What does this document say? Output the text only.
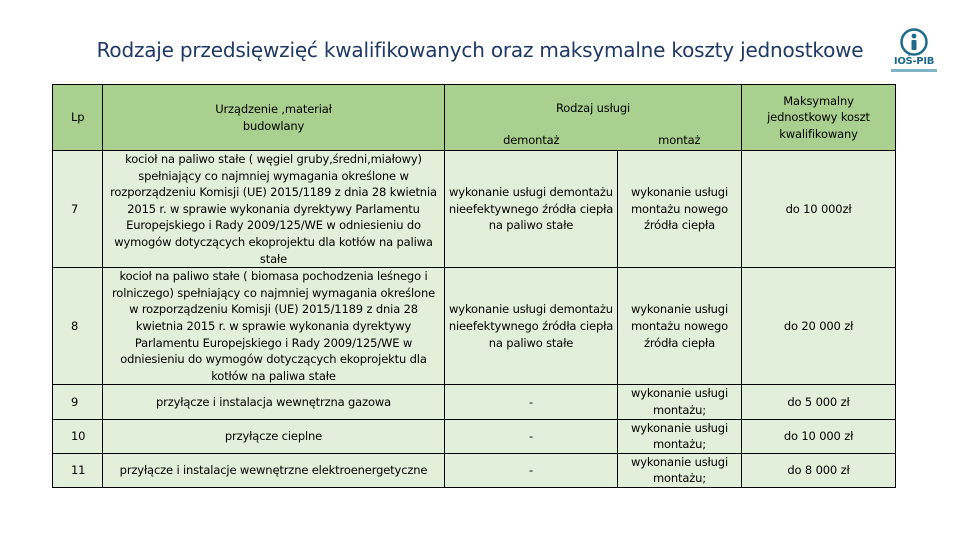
Rodzaje przedsięwzięć kwalifikowanych oraz maksymalne koszty jednostkowe	IOŚ-PIB
Lp	Urządzenie ,materiał budowlany	Rodzaj usługi		Maksymalny jednostkowy koszt kwalifikowany
		demontaż	montaż	
7	kocioł na paliwo stałe ( węgiel gruby,średni,miałowy) spełniający co najmniej wymagania określone w rozporządzeniu Komisji (UE) 2015/1189 z dnia 28 kwietnia 2015 r. w sprawie wykonania dyrektywy Parlamentu Europejskiego i Rady 2009/125/WE w odniesieniu do wymogów dotyczących ekoprojektu dla kotłów na paliwa stałe	wykonanie usługi demontażu nieefektywnego źródła ciepła na paliwo stałe	wykonanie usługi montażu nowego źródła ciepła	do 10 000zł
8	kocioł na paliwo stałe ( biomasa pochodzenia leśnego i rolniczego) spełniający co najmniej wymagania określone w rozporządzeniu Komisji (UE) 2015/1189 z dnia 28 kwietnia 2015 r. w sprawie wykonania dyrektywy Parlamentu Europejskiego i Rady 2009/125/WE w odniesieniu do wymogów dotyczących ekoprojektu dla kotłów na paliwa stałe	wykonanie usługi demontażu nieefektywnego źródła ciepła na paliwo stałe	wykonanie usługi montażu nowego źródła ciepła	do 20 000 zł
9	przyłącze i instalacja wewnętrzna gazowa	-	wykonanie usługi montażu;	do 5 000 zł
10	przyłącze cieplne	-	wykonanie usługi montażu;	do 10 000 zł
11	przyłącze i instalacje wewnętrzne elektroenergetyczne	-	wykonanie usługi montażu;	do 8 000 zł
